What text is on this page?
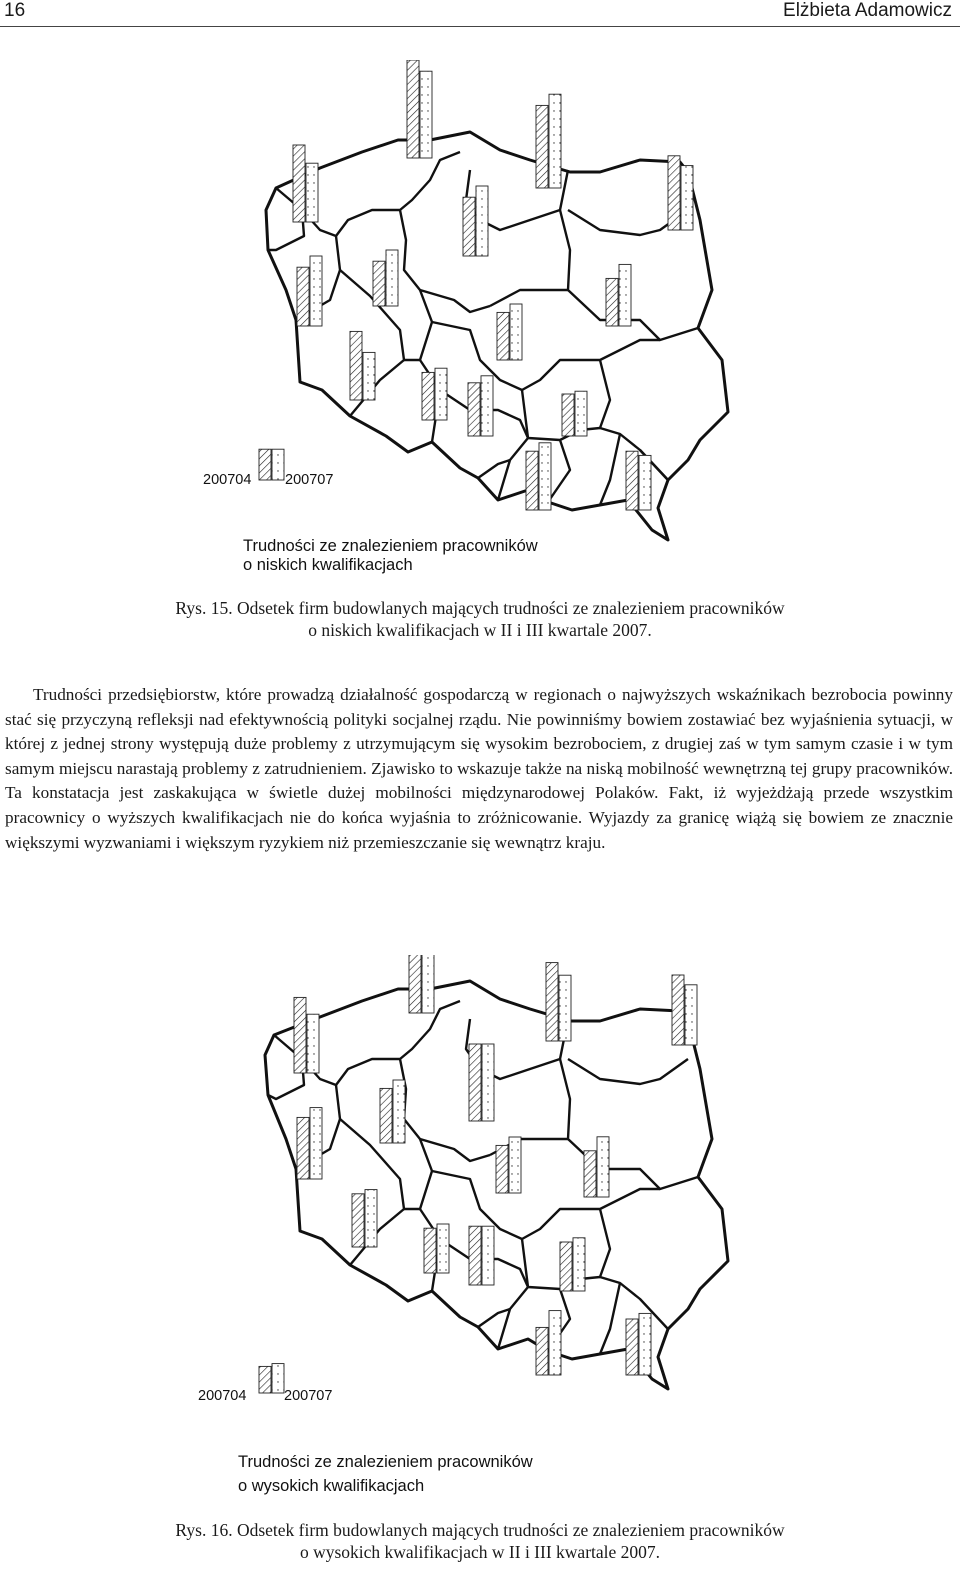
16	Elżbieta Adamowicz
200704 200707
Trudności ze znalezieniem pracowników
o niskich kwalifikacjach
Rys. 15. Odsetek firm budowlanych mających trudności ze znalezieniem pracowników
o niskich kwalifikacjach w II i III kwartale 2007.

Trudności przedsiębiorstw, które prowadzą działalność gospodarczą w regionach o najwyższych wskaźnikach bezrobocia powinny stać się przyczyną refleksji nad efektywnością polityki socjalnej rządu. Nie powinniśmy bowiem zostawiać bez wyjaśnienia sytuacji, w której z jednej strony występują duże problemy z utrzymującym się wysokim bezrobociem, z drugiej zaś w tym samym czasie i w tym samym miejscu narastają problemy z zatrudnieniem. Zjawisko to wskazuje także na niską mobilność wewnętrzną tej grupy pracowników. Ta konstatacja jest zaskakująca w świetle dużej mobilności międzynarodowej Polaków. Fakt, iż wyjeżdżają przede wszystkim pracownicy o wyższych kwalifikacjach nie do końca wyjaśnia to zróżnicowanie. Wyjazdy za granicę wiążą się bowiem ze znacznie większymi wyzwaniami i większym ryzykiem niż przemieszczanie się wewnątrz kraju.

200704	200707
Trudności ze znalezieniem pracowników
o wysokich kwalifikacjach
Rys. 16. Odsetek firm budowlanych mających trudności ze znalezieniem pracowników
o wysokich kwalifikacjach w II i III kwartale 2007.
